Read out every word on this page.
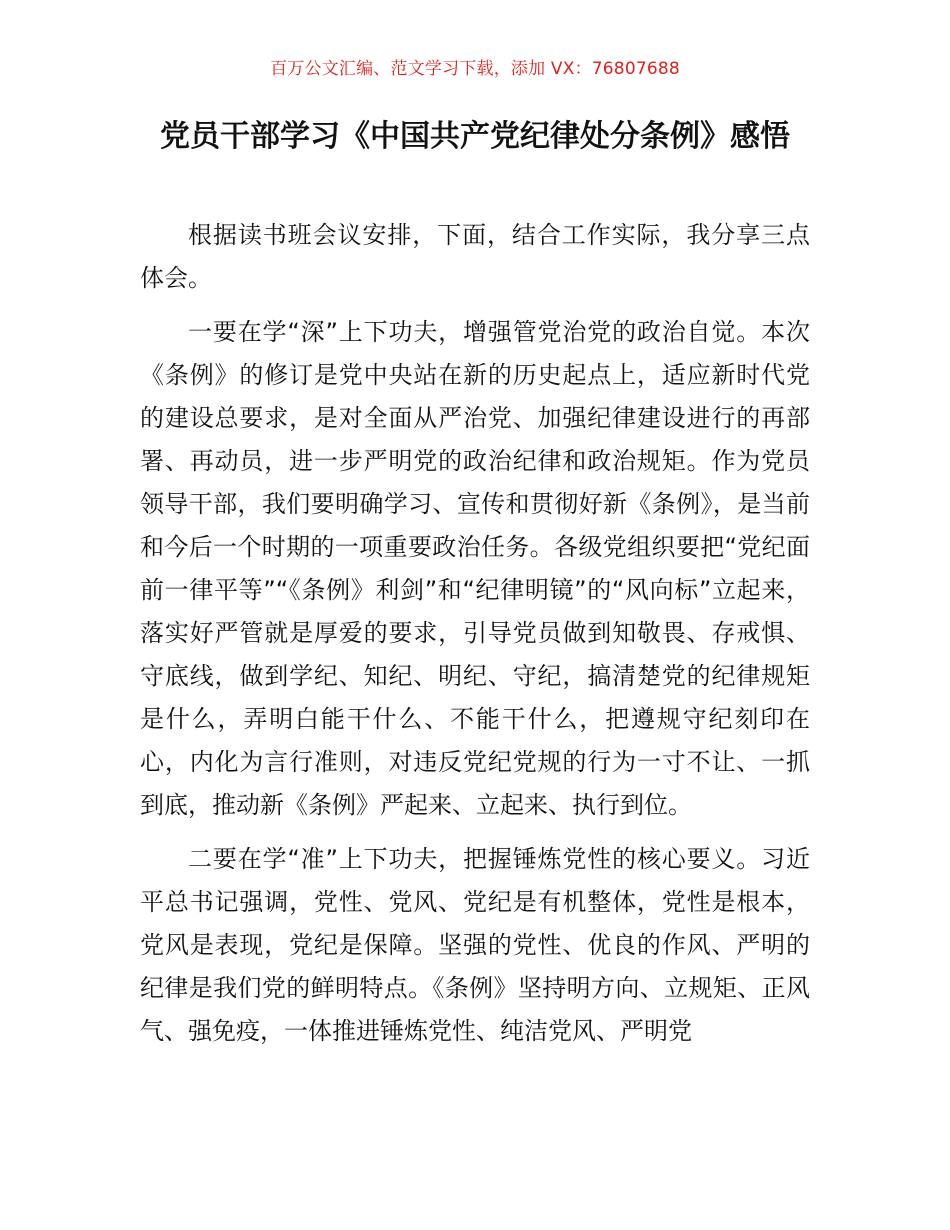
百万公文汇编、范文学习下载，添加 VX：76807688
党员干部学习《中国共产党纪律处分条例》感悟

根据读书班会议安排，下面，结合工作实际，我分享三点体会。

一要在学“深”上下功夫，增强管党治党的政治自觉。本次《条例》的修订是党中央站在新的历史起点上，适应新时代党的建设总要求，是对全面从严治党、加强纪律建设进行的再部署、再动员，进一步严明党的政治纪律和政治规矩。作为党员领导干部，我们要明确学习、宣传和贯彻好新《条例》，是当前和今后一个时期的一项重要政治任务。各级党组织要把“党纪面前一律平等”“《条例》利剑”和“纪律明镜”的“风向标”立起来，落实好严管就是厚爱的要求，引导党员做到知敬畏、存戒惧、守底线，做到学纪、知纪、明纪、守纪，搞清楚党的纪律规矩是什么，弄明白能干什么、不能干什么，把遵规守纪刻印在心，内化为言行准则，对违反党纪党规的行为一寸不让、一抓到底，推动新《条例》严起来、立起来、执行到位。

二要在学“准”上下功夫，把握锤炼党性的核心要义。习近平总书记强调，党性、党风、党纪是有机整体，党性是根本，党风是表现，党纪是保障。坚强的党性、优良的作风、严明的纪律是我们党的鲜明特点。《条例》坚持明方向、立规矩、正风气、强免疫，一体推进锤炼党性、纯洁党风、严明党
